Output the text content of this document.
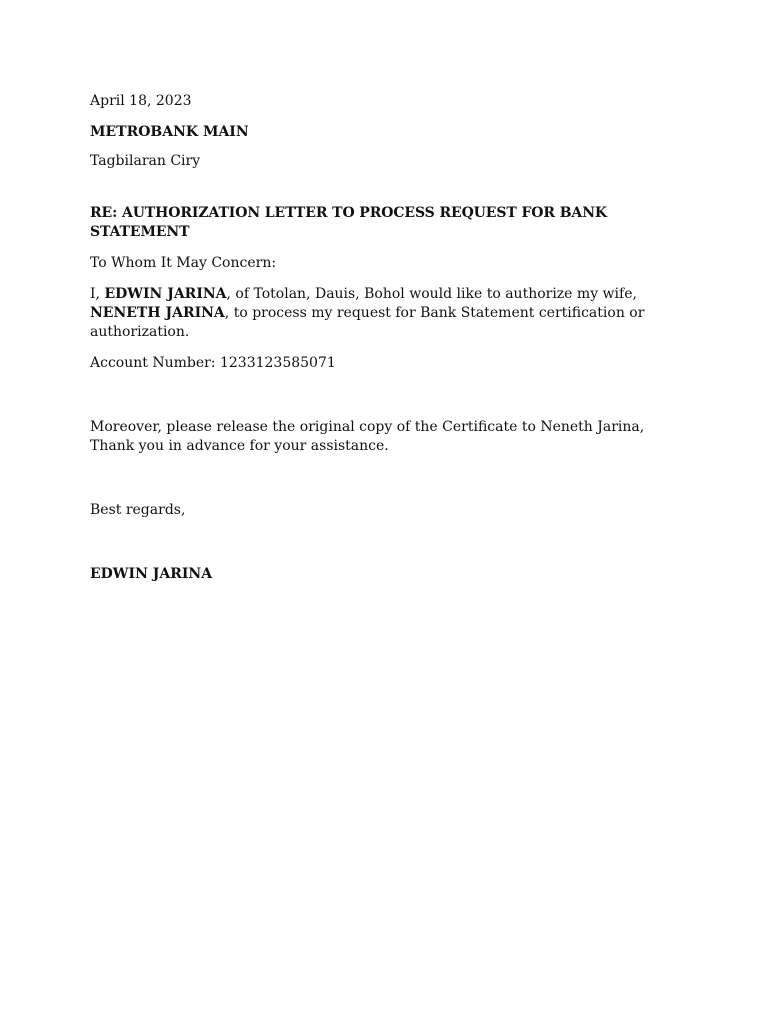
April 18, 2023

METROBANK MAIN

Tagbilaran Ciry

RE: AUTHORIZATION LETTER TO PROCESS REQUEST FOR BANK STATEMENT

To Whom It May Concern:

I, EDWIN JARINA, of Totolan, Dauis, Bohol would like to authorize my wife, NENETH JARINA, to process my request for Bank Statement certification or authorization.

Account Number: 1233123585071

Moreover, please release the original copy of the Certificate to Neneth Jarina, Thank you in advance for your assistance.

Best regards,

EDWIN JARINA
